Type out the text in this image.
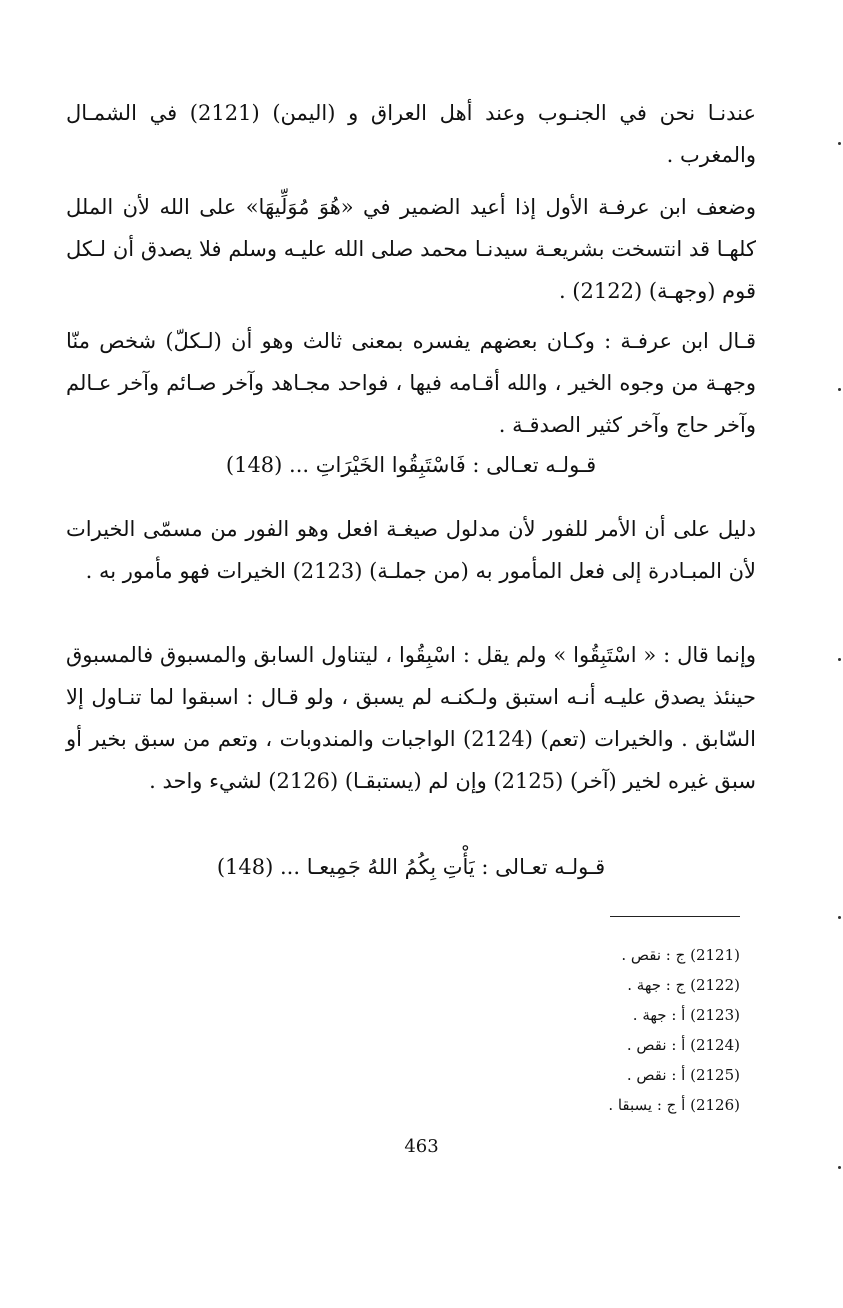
عندنـا نحن في الجنـوب وعند أهل العراق و (اليمن) (2121) في الشمـال والمغرب .
وضعف ابن عرفـة الأول إذا أعيد الضمير في «هُوَ مُوَلِّيهَا» على الله لأن الملل كلهـا قد انتسخت بشريعـة سيدنـا محمد صلى الله عليـه وسلم فلا يصدق أن لـكل قوم (وجهـة) (2122) .
قـال ابن عرفـة : وكـان بعضهم يفسره بمعنى ثالث وهو أن (لـكلّ) شخص منّا وجهـة من وجوه الخير ، والله أقـامه فيها ، فواحد مجـاهد وآخر صـائم وآخر عـالم وآخر حاج وآخر كثير الصدقـة .
قـولـه تعـالى : فَاسْتَبِقُوا الخَيْرَاتِ ... (148)
دليل على أن الأمر للفور لأن مدلول صيغـة افعل وهو الفور من مسمّى الخيرات لأن المبـادرة إلى فعل المأمور به (من جملـة) (2123) الخيرات فهو مأمور به .
وإنما قال : « اسْتَبِقُوا » ولم يقل : اسْبِقُوا ، ليتناول السابق والمسبوق فالمسبوق حينئذ يصدق عليـه أنـه استبق ولـكنـه لم يسبق ، ولو قـال : اسبقوا لما تنـاول إلا السّابق . والخيرات (تعم) (2124) الواجبات والمندوبات ، وتعم من سبق بخير أو سبق غيره لخير (آخر) (2125) وإن لم (يستبقـا) (2126) لشيء واحد .
قـولـه تعـالى : يَأْتِ بِكُمُ اللهُ جَمِيعـا ... (148)
(2121) ج : نقص .
(2122) ج : جهة .
(2123) أ : جهة .
(2124) أ : نقص .
(2125) أ : نقص .
(2126) أ ج : يسبقا .
463
